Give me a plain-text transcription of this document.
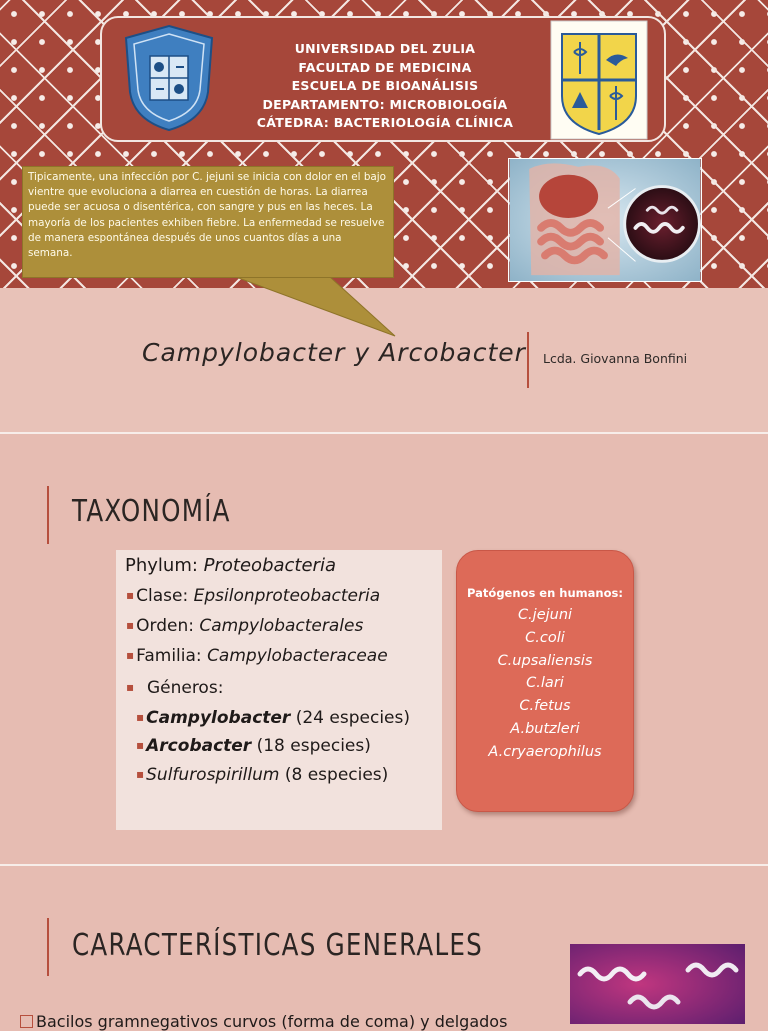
UNIVERSIDAD DEL ZULIA
FACULTAD DE MEDICINA
ESCUELA DE BIOANÁLISIS
DEPARTAMENTO: MICROBIOLOGÍA
CÁTEDRA: BACTERIOLOGÍA CLÍNICA
Tipicamente, una infección por C. jejuni se inicia con dolor en el bajo vientre que evoluciona a diarrea en cuestión de horas. La diarrea puede ser acuosa o disentérica, con sangre y pus en las heces. La mayoría de los pacientes exhiben fiebre. La enfermedad se resuelve de manera espontánea después de unos cuantos días a una semana.
Campylobacter y Arcobacter Lcda. Giovanna Bonfini
TAXONOMÍA
Phylum: Proteobacteria
▪ Clase: Epsilonproteobacteria
▪ Orden: Campylobacterales
▪ Familia: Campylobacteraceae
▪ Géneros:
▪ Campylobacter (24 especies)
▪ Arcobacter (18 especies)
▪ Sulfurospirillum (8 especies)
Patógenos en humanos:
C.jejuni
C.coli
C.upsaliensis
C.lari
C.fetus
A.butzleri
A.cryaerophilus
CARACTERÍSTICAS GENERALES
Bacilos gramnegativos curvos (forma de coma) y delgados
